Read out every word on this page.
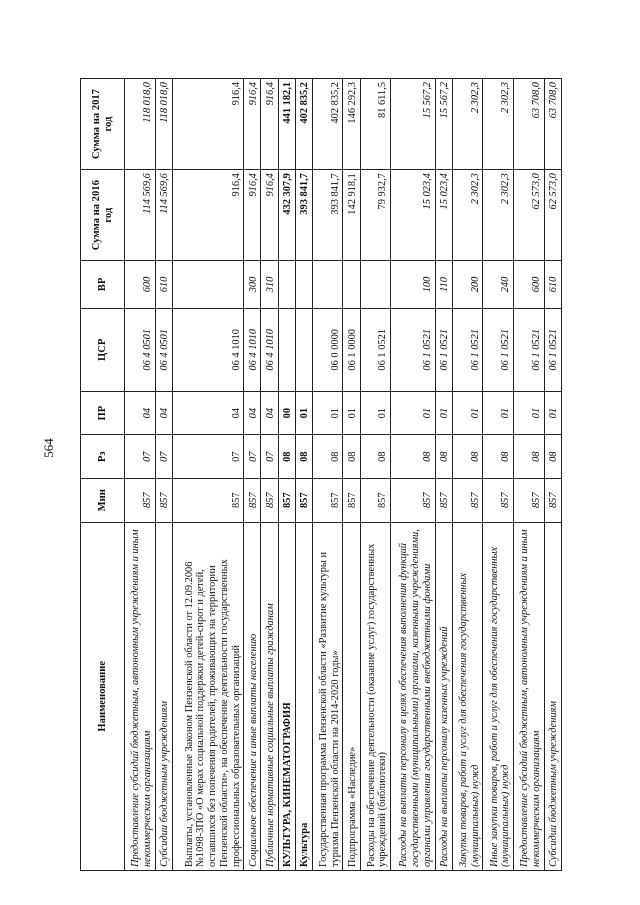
564
Наименование	Мин	Рз	ПР	ЦСР	ВР	Сумма на 2016 год	Сумма на 2017 год
Предоставление субсидий бюджетным, автономным учреждениям и иным некоммерческим организациям	857	07	04	06 4 0501	600	114 569,6	118 018,0
Субсидии бюджетным учреждениям	857	07	04	06 4 0501	610	114 569,6	118 018,0
Выплаты, установленные Законом Пензенской области от 12.09.2006 №1098-ЗПО «О мерах социальной поддержки детей-сирот и детей, оставшихся без попечения родителей, проживающих на территории Пензенской области», на обеспечение деятельности государственных профессиональных образовательных организаций	857	07	04	06 4 1010		916,4	916,4
Социальное обеспечение и иные выплаты населению	857	07	04	06 4 1010	300	916,4	916,4
Публичные нормативные социальные выплаты гражданам	857	07	04	06 4 1010	310	916,4	916,4
КУЛЬТУРА, КИНЕМАТОГРАФИЯ	857	08	00			432 307,9	441 182,1
Культура	857	08	01			393 841,7	402 835,2
Государственная программа Пензенской области «Развитие культуры и туризма Пензенской области на 2014-2020 годы»	857	08	01	06 0 0000		393 841,7	402 835,2
Подпрограмма «Наследие»	857	08	01	06 1 0000		142 918,1	146 292,3
Расходы на обеспечение деятельности (оказание услуг) государственных учреждений (библиотеки)	857	08	01	06 1 0521		79 932,7	81 611,5
Расходы на выплаты персоналу в целях обеспечения выполнения функций государственными (муниципальными) органами, казенными учреждениями, органами управления государственными внебюджетными фондами	857	08	01	06 1 0521	100	15 023,4	15 567,2
Расходы на выплаты персоналу казенных учреждений	857	08	01	06 1 0521	110	15 023,4	15 567,2
Закупка товаров, работ и услуг для обеспечения государственных (муниципальных) нужд	857	08	01	06 1 0521	200	2 302,3	2 302,3
Иные закупки товаров, работ и услуг для обеспечения государственных (муниципальных) нужд	857	08	01	06 1 0521	240	2 302,3	2 302,3
Предоставление субсидий бюджетным, автономным учреждениям и иным некоммерческим организациям	857	08	01	06 1 0521	600	62 573,0	63 708,0
Субсидии бюджетным учреждениям	857	08	01	06 1 0521	610	62 573,0	63 708,0
